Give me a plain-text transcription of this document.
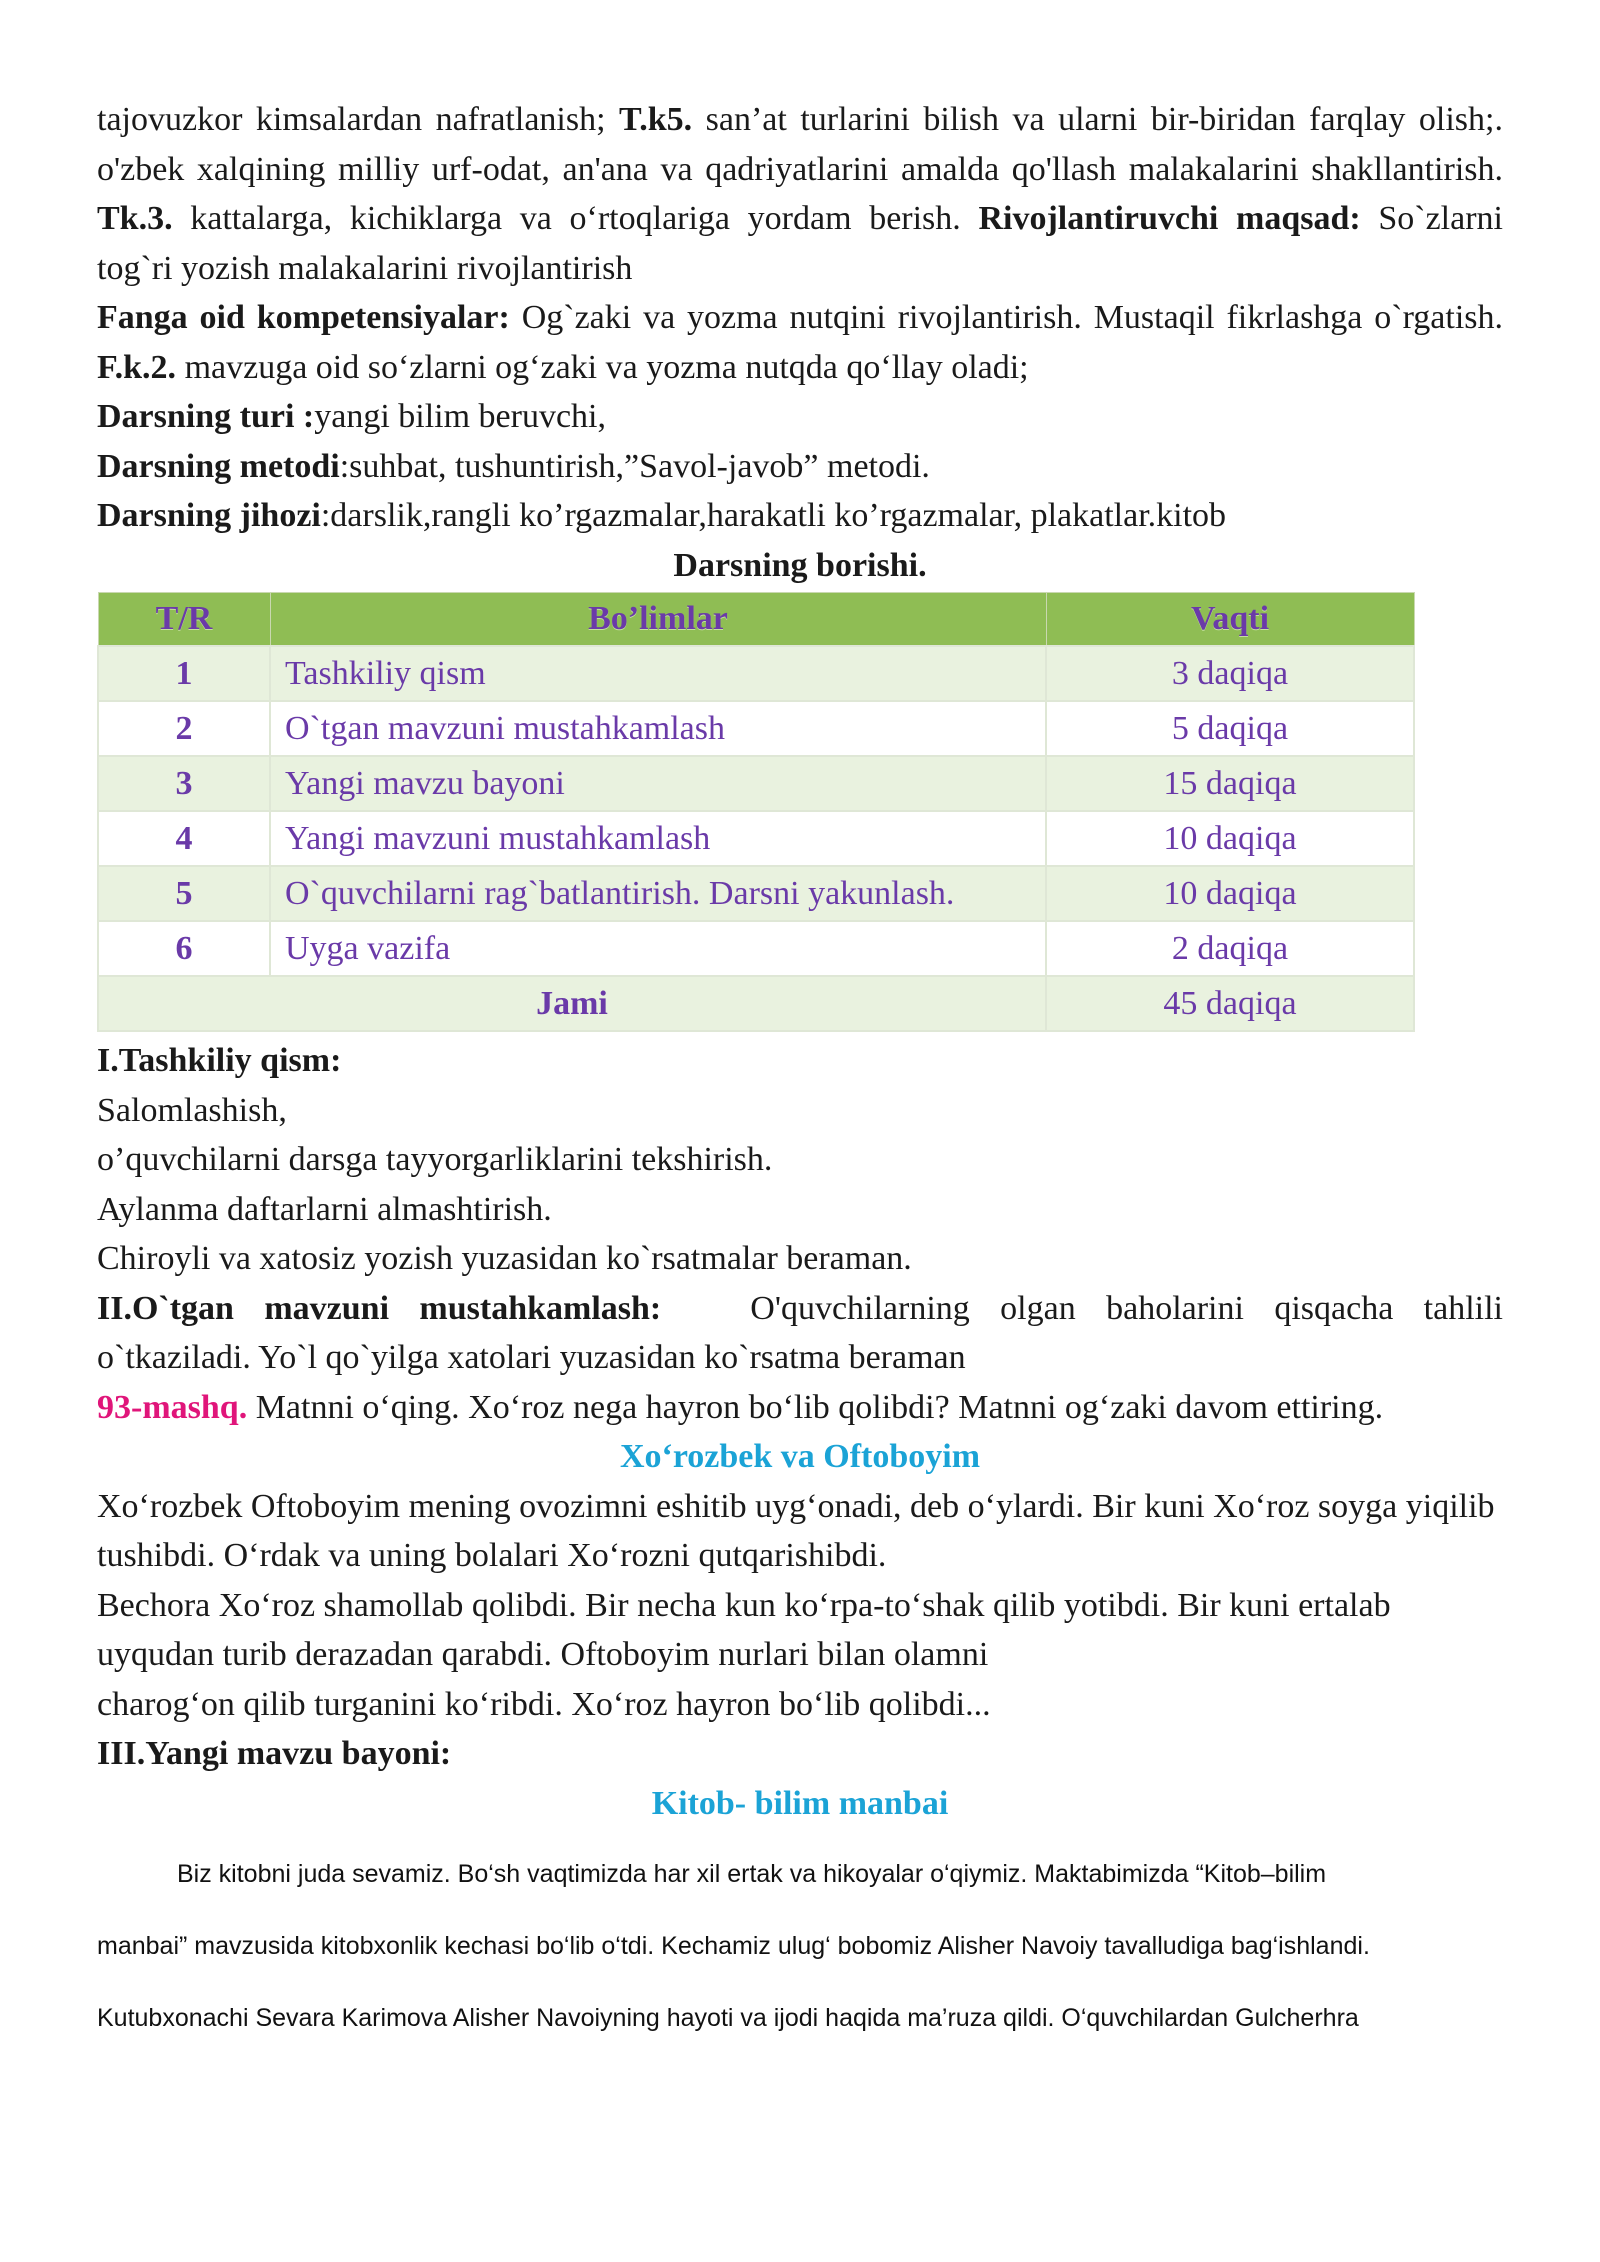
tajovuzkor kimsalardan nafratlanish; T.k5. san’at turlarini bilish va ularni bir-biridan farqlay olish;. o'zbek xalqining milliy urf-odat, an'ana va qadriyatlarini amalda qo'llash malakalarini shakllantirish. Tk.3. kattalarga, kichiklarga va o‘rtoqlariga yordam berish. Rivojlantiruvchi maqsad: So`zlarni tog`ri yozish malakalarini rivojlantirish

Fanga oid kompetensiyalar: Og`zaki va yozma nutqini rivojlantirish. Mustaqil fikrlashga o`rgatish. F.k.2. mavzuga oid so‘zlarni og‘zaki va yozma nutqda qo‘llay oladi;

Darsning turi :yangi bilim beruvchi,

Darsning metodi:suhbat, tushuntirish,”Savol-javob” metodi.

Darsning jihozi:darslik,rangli ko’rgazmalar,harakatli ko’rgazmalar, plakatlar.kitob

Darsning borishi.

T/R	Bo’limlar	Vaqti
1	Tashkiliy qism	3 daqiqa
2	O`tgan mavzuni mustahkamlash	5 daqiqa
3	Yangi mavzu bayoni	15 daqiqa
4	Yangi mavzuni mustahkamlash	10 daqiqa
5	O`quvchilarni rag`batlantirish. Darsni yakunlash.	10 daqiqa
6	Uyga vazifa	2 daqiqa
Jami		45 daqiqa

I.Tashkiliy qism:

Salomlashish,

o’quvchilarni darsga tayyorgarliklarini tekshirish.

Aylanma daftarlarni almashtirish.

Chiroyli va xatosiz yozish yuzasidan ko`rsatmalar beraman.

II.O`tgan mavzuni mustahkamlash:	O'quvchilarning olgan baholarini qisqacha tahlili o`tkaziladi. Yo`l qo`yilga xatolari yuzasidan ko`rsatma beraman

93-mashq. Matnni o‘qing. Xo‘roz nega hayron bo‘lib qolibdi? Matnni og‘zaki davom ettiring.

Xo‘rozbek va Oftoboyim

Xo‘rozbek Oftoboyim mening ovozimni eshitib uyg‘onadi, deb o‘ylardi. Bir kuni Xo‘roz soyga yiqilib tushibdi. O‘rdak va uning bolalari Xo‘rozni qutqarishibdi.

Bechora Xo‘roz shamollab qolibdi. Bir necha kun ko‘rpa-to‘shak qilib yotibdi. Bir kuni ertalab uyqudan turib derazadan qarabdi. Oftoboyim nurlari bilan olamni

charog‘on qilib turganini ko‘ribdi. Xo‘roz hayron bo‘lib qolibdi...

III.Yangi mavzu bayoni:

Kitob- bilim manbai

Biz kitobni juda sevamiz. Bo‘sh vaqtimizda har xil ertak va hikoyalar o‘qiymiz. Maktabimizda “Kitob–bilim

manbai” mavzusida kitobxonlik kechasi bo‘lib o‘tdi. Kechamiz ulug‘ bobomiz Alisher Navoiy tavalludiga bag‘ishlandi.

Kutubxonachi Sevara Karimova Alisher Navoiyning hayoti va ijodi haqida ma’ruza qildi. O‘quvchilardan Gulcherhra
